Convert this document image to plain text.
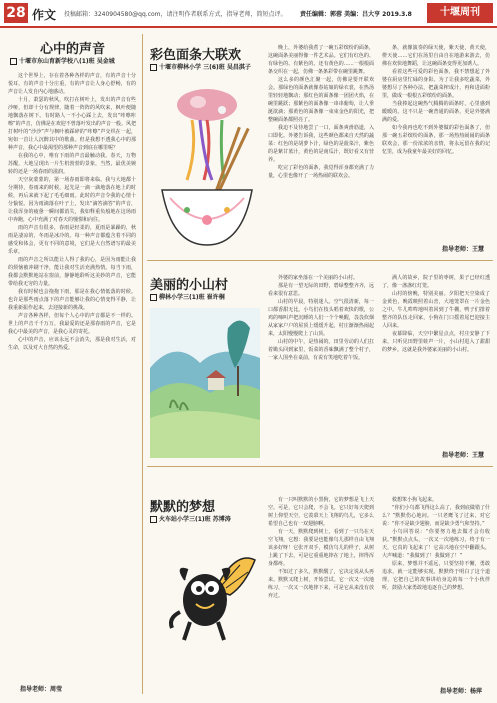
28 作文 投稿邮箱：3240904580@qq.com，请注明作者联系方式，指导老师，简短点评。 责任编辑：郭蓉 美编：吕大亨 2019.3.8	十堰周刊
心中的声音
十堰市东山育新学校八(1)班 吴金城

这个世界上，存在着各种各样的声音，有的声音十分悦耳，有的声音十分庄重，有的声音让人身心舒畅，有的声音让人发自内心地感动。

十月，萧瑟的秋风，吹打在树叶上，发出的声音有些沙哑，但却十分有规律，随着一阵阵的风吹来，枫叶便随地飘落在树下。有时路人一不小心踩上去，发出“咔嚓咔嚓”的声音，仿佛是在欢迎不曾落叶发出的声音一般。风把打树叶的“沙沙”声与枫叶被踩碎的“咔嚓”声交织在一起，宛如一首让人沉醉其中的歌曲。但是我想不透我心中的那种声音，我心中最渴望的那种声音到底在哪里呢？

在我的心中，唯有下雨的声音最触动我。春天，万物苏醒，大地呈现出一片生机勃勃的景象，当然，最优美婉转的还是一场春雨的滋润。

天空灰蒙蒙的，第一场春雨即将来临。我与大地都十分期待，春雨来的时候，起先是一滴一滴地落在地上的时候，再后来就下起了毛毛细雨。此时的声音令我的心情十分愉悦。因为雨滴落在叶子上，发出“滴答滴答”的声音，让我浑身的疲惫一瞬间都消失，我如释重负般地在这场雨中奔跑，心中充满了对春天的憧憬和向往。

雨的声音有很多，春雨是轻柔的，夏雨是暴躁的，秋雨是凄凉的，冬雨是冰冷的。每一种声音都蕴含着不同的感受和体会，更有不同的意境，它们是大自然谱写的最美乐章。

雨的声音之所以能让人得了我的心，是因为雨能让我的烦恼被冲刷干净，能让我对生活充满热情。每当下雨，我都会默默地站在窗前，静静地聆听这美妙的声音，它能带给我无穷的力量。

我有时候也会拖拖下雨，那是在我心情低落的时候。也许是那些雨点落下的声音能够让我的心情变得平静，让我重新振作起来，去迎接新的挑战。

声音各种各样，但每个人心中的声音都是不一样的。世上的声音千千万万，我最爱的还是那春雨的声音，它是我心中最美的声音，是我心灵的寄托。

心中的声音，应该永远不会消失，那是我对生活，对生命，以及对大自然的热爱。

指导老师：周莹
彩色面条大联欢
十堰市柳林小学 三(6)班 吴昌淇子

晚上，外婆给我煮了一碗五彩缤纷的面条，这碗面条美丽得像一件艺术品。它们有红色的、有绿色的、有紫色的、还有黄色的……一根根面条交织在一起，仿佛一条条彩带在碗里跳舞。

这么多的颜色汇聚一起，仿佛是要开联欢会。那绿色的面条就像春姑娘的绿衣裳，在热汤里轻轻地飘动；那红色的面条像一团团火焰，在碗里跳跃；那紫色的面条像一串串葡萄，让人垂涎欲滴；那黄色的面条像一束束金色的阳光，把整碗面条都照亮了。

我迫不及待地尝了一口，面条爽滑筋道，入口即化。外婆告诉我，这些颜色都来自天然的蔬菜：红色的是胡萝卜汁，绿色的是菠菜汁，紫色的是紫甘蓝汁，黄色的是南瓜汁，既好看又有营养。

吃完了彩色的面条，我觉得浑身都充满了力量，心里也像开了一场热闹的联欢会。

条，就像演奏的绿天使，紫天使，黄天使，橙天使……它们在汤里自由自在地游来游去，仿佛在欢快地舞蹈，让这碗面条变得更加诱人。

看着这些可爱的彩色面条，我不禁想起了外婆在厨房里忙碌的身影。为了让我多吃蔬菜，外婆想尽了各种办法，把蔬菜榨成汁，再和进面粉里，做成一根根五彩缤纷的面条。

当我捧起这碗热气腾腾的面条时，心里感到暖暖的。这不只是一碗普通的面条，更是外婆满满的爱。

如今我再也吃不到外婆做的彩色面条了，但那一碗五彩缤纷的面条，那一场热热闹闹的面条联欢会，那一份浓浓的亲情，将永远留在我的记忆里，成为我童年最美好的回忆。

指导老师：王慧
美丽的小山村
柳林小学三(1)班 崔许桐

外婆的家坐落在一个美丽的小山村。

那是有一望无际的田野，碧绿整整齐齐，远看来很有意思。

山村的早晨，特别迷人。空气很清新，每一口都香甜无比。小鸟们在枝头唱着欢快的歌，公鸡的啼叫声把沉睡的人们一个个唤醒，袅袅炊烟从家家户户的屋顶上缓缓升起，村庄渐渐热闹起来，太阳慢慢爬上了山顶。

山村的中午，是热闹的。田里劳动的人们扛着锄头回到家里，饭菜的香味飘满了整个村子，一家人围坐在桌前，有说有笑地吃着午饭。

满人的故乡，院子里的枣树，果子已经红透了，像一盏盏红灯笼。

山村的傍晚，特别美丽。夕阳把天空染成了金黄色，晚霞映照着山峦，大地笼罩在一片金色之中。牛儿哞哞地叫着回到了牛棚，鸭子们排着整齐的队伍走回家，小狗在门口摇着尾巴迎接主人回来。

夜幕降临，天空中繁星点点，村庄安静了下来，只听见田野里蛙声一片，小山村进入了甜甜的梦乡。这就是我外婆家美丽的小山村。

指导老师：王慧
默默的梦想
火车站小学三(1)班 苏博涛

有一只叫默默的小黑狗，它的梦想是飞上天空。可是，它只会爬，不会飞。它只好每天爬到树上仰望天空，它羡慕天上飞翔的鸟儿，它多么希望自己也有一双翅膀啊。

有一天，默默爬到树上，看到了一只鸟在天空飞翔，它想：我要是也能像鸟儿那样自由飞翔该多好呀！它张开双手，模仿鸟儿的样子，从树上跳了下去，可是它重重地摔在了地上，摔得浑身都疼。

不知过了多久，默默醒了，它决定说从头再来。默默又爬上树，开始尝试。它一次又一次地练习，一次又一次地摔下来，可是它从来没有放弃过。

救想笨小狗飞起来。

“你们小鸟都飞得这么高了，我到底做错了什么？”默默伤心地问。一只老鹰飞了过来，对它说：“你不是缺少翅膀，而是缺少勇气和坚持。”

小鸟回答说：“你要努力地去做才会有收获。”默默点点头，一次又一次地练习，终于有一天，它真的飞起来了！它高兴地在空中翻跟头，大声喊道：“我做到了！我做到了！”

原来，梦想并不遥远，只要坚持不懈，勇敢追求，就一定能够实现。默默终于明白了这个道理，它把自己的故事讲给身边的每一个小伙伴听，鼓励大家勇敢地追逐自己的梦想。

指导老师：杨萍
